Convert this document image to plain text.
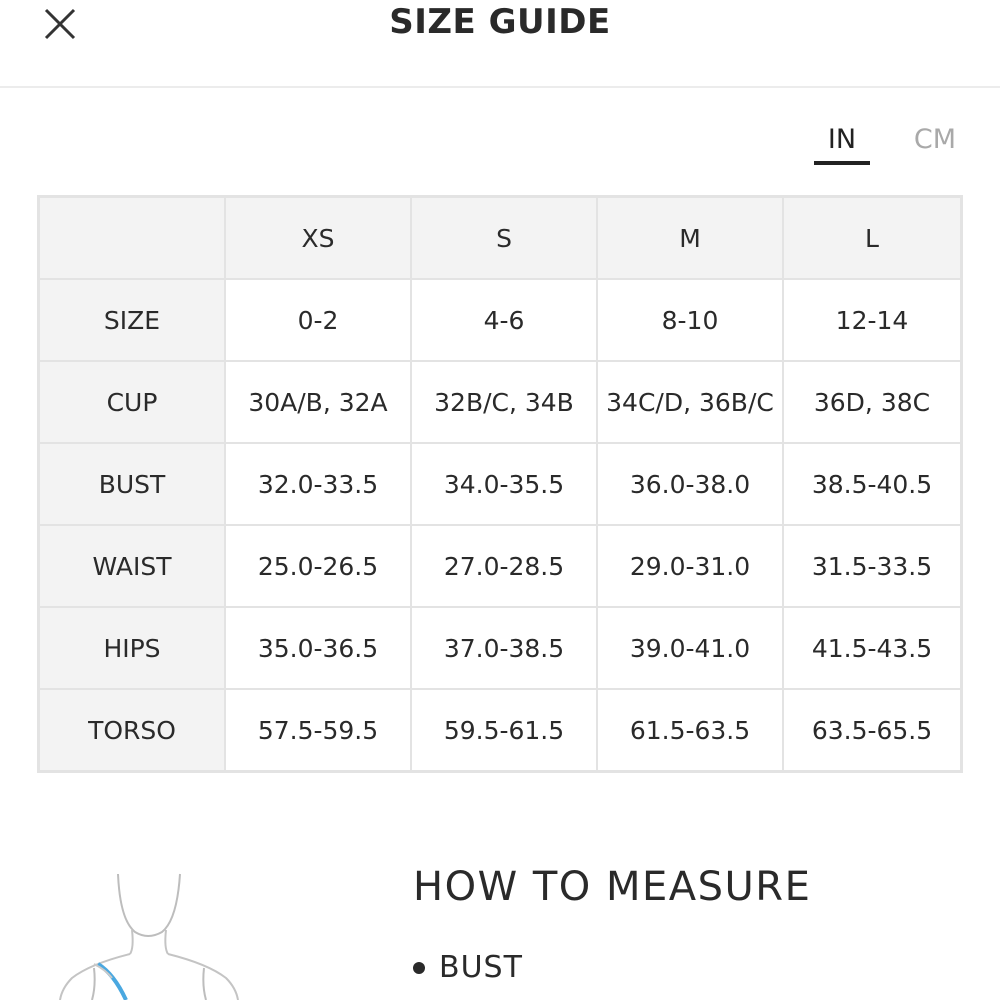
SIZE GUIDE
IN	CM
	XS	S	M	L
SIZE	0-2	4-6	8-10	12-14
CUP	30A/B, 32A	32B/C, 34B	34C/D, 36B/C	36D, 38C
BUST	32.0-33.5	34.0-35.5	36.0-38.0	38.5-40.5
WAIST	25.0-26.5	27.0-28.5	29.0-31.0	31.5-33.5
HIPS	35.0-36.5	37.0-38.5	39.0-41.0	41.5-43.5
TORSO	57.5-59.5	59.5-61.5	61.5-63.5	63.5-65.5
HOW TO MEASURE
BUST
